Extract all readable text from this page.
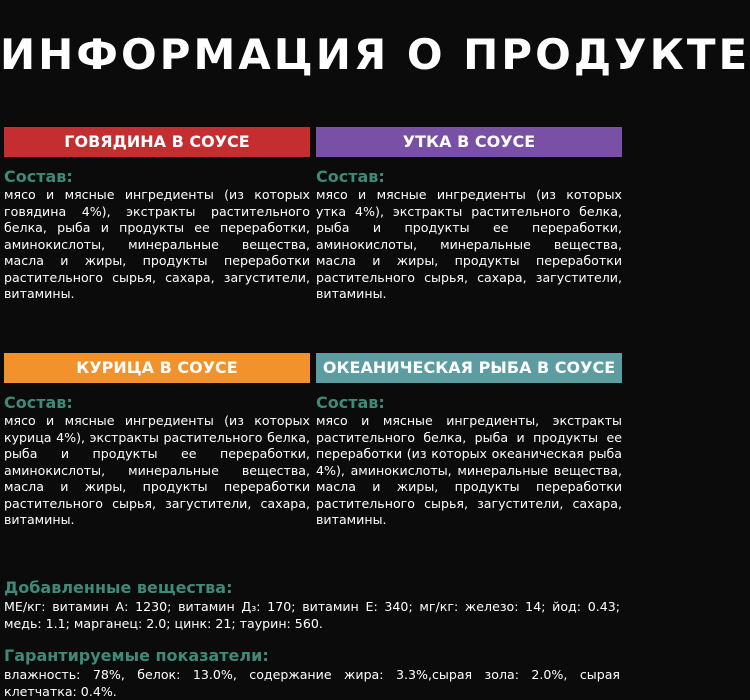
ИНФОРМАЦИЯ О ПРОДУКТЕ
ГОВЯДИНА В СОУСЕ
Состав:

мясо и мясные ингредиенты (из которых говядина 4%), экстракты растительного белка, рыба и продукты ее переработки, аминокислоты, минеральные вещества, масла и жиры, продукты переработки растительного сырья, сахара, загустители, витамины.

УТКА В СОУСЕ
Состав:

мясо и мясные ингредиенты (из которых утка 4%), экстракты растительного белка, рыба и продукты ее переработки, аминокислоты, минеральные вещества, масла и жиры, продукты переработки растительного сырья, сахара, загустители, витамины.

КУРИЦА В СОУСЕ
Состав:

мясо и мясные ингредиенты (из которых курица 4%), экстракты растительного белка, рыба и продукты ее переработки, аминокислоты, минеральные вещества, масла и жиры, продукты переработки растительного сырья, загустители, сахара, витамины.

ОКЕАНИЧЕСКАЯ РЫБА В СОУСЕ
Состав:

мясо и мясные ингредиенты, экстракты растительного белка, рыба и продукты ее переработки (из которых океаническая рыба 4%), аминокислоты, минеральные вещества, масла и жиры, продукты переработки растительного сырья, загустители, сахара, витамины.

Добавленные вещества:

МЕ/кг: витамин А: 1230; витамин Д₃: 170; витамин Е: 340; мг/кг: железо: 14; йод: 0.43; медь: 1.1; марганец: 2.0; цинк: 21; таурин: 560.

Гарантируемые показатели:

влажность: 78%, белок: 13.0%, содержание жира: 3.3%,сырая зола: 2.0%, сырая клетчатка: 0.4%.
